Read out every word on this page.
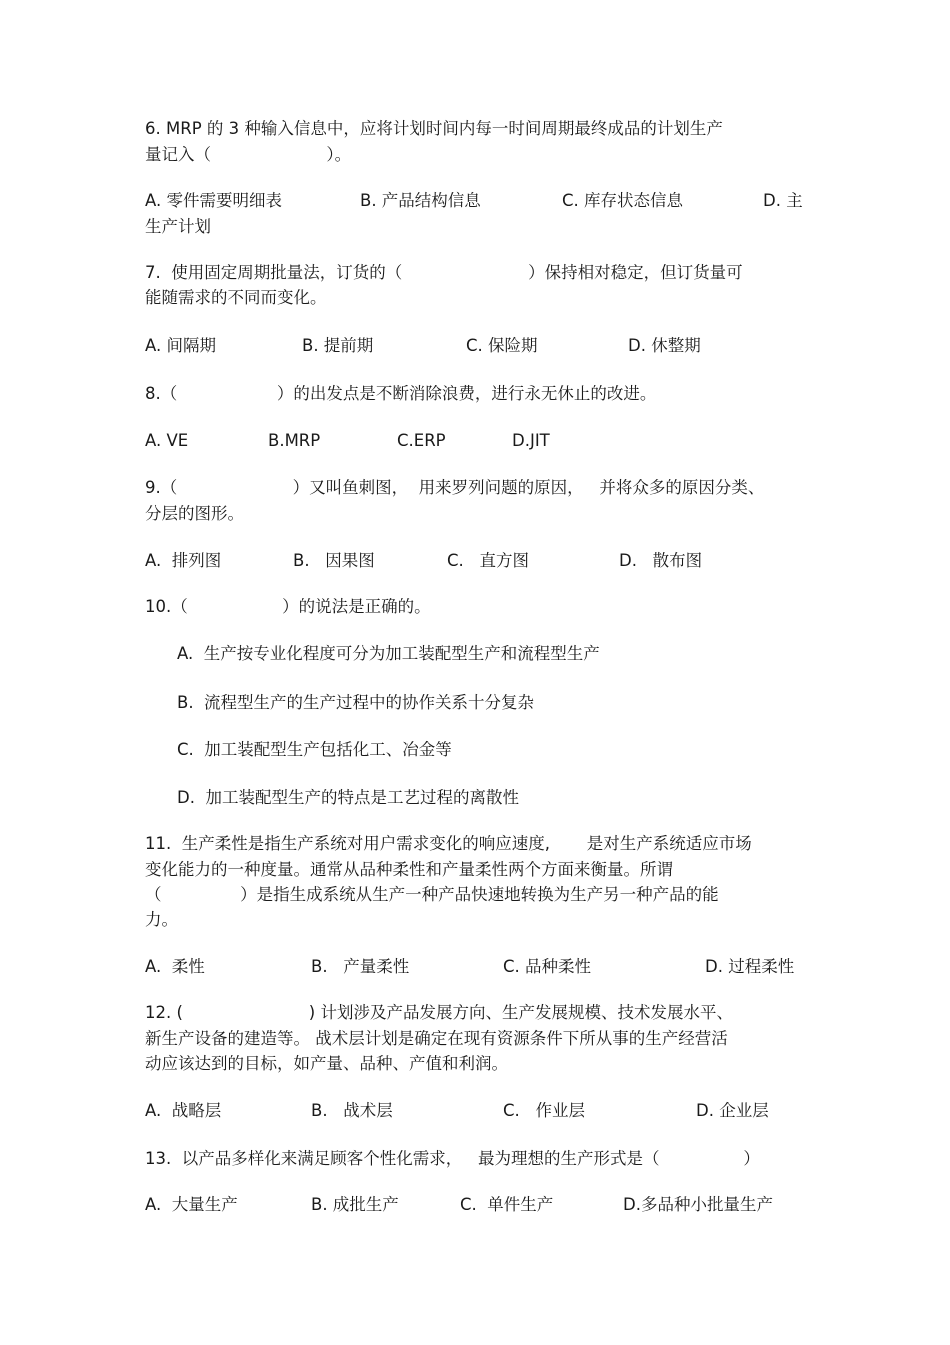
6. MRP 的 3 种输入信息中，应将计划时间内每一时间周期最终成品的计划生产
量记入（                      ）。
A. 零件需要明细表	B. 产品结构信息	C. 库存状态信息	D. 主
生产计划
7.  使用固定周期批量法，订货的（                        ）保持相对稳定，但订货量可
能随需求的不同而变化。
A. 间隔期	B. 提前期	C. 保险期	D. 休整期
8.（                   ）的出发点是不断消除浪费，进行永无休止的改进。
A. VE	B.MRP	C.ERP	D.JIT
9.（                      ）又叫鱼刺图，  用来罗列问题的原因，   并将众多的原因分类、
分层的图形。
A.  排列图	B.   因果图	C.   直方图	D.   散布图
10.（                  ）的说法是正确的。
A.  生产按专业化程度可分为加工装配型生产和流程型生产
B.  流程型生产的生产过程中的协作关系十分复杂
C.  加工装配型生产包括化工、冶金等
D.  加工装配型生产的特点是工艺过程的离散性
11.  生产柔性是指生产系统对用户需求变化的响应速度,       是对生产系统适应市场
变化能力的一种度量。通常从品种柔性和产量柔性两个方面来衡量。所谓
（               ）是指生成系统从生产一种产品快速地转换为生产另一种产品的能
力。
A.  柔性	B.   产量柔性	C. 品种柔性	D. 过程柔性
12. (                        ) 计划涉及产品发展方向、生产发展规模、技术发展水平、
新生产设备的建造等。 战术层计划是确定在现有资源条件下所从事的生产经营活
动应该达到的目标，如产量、品种、产值和利润。
A.  战略层	B.   战术层	C.   作业层	D. 企业层
13.  以产品多样化来满足顾客个性化需求，   最为理想的生产形式是（                ）
A.  大量生产	B. 成批生产	C.  单件生产	D.多品种小批量生产
